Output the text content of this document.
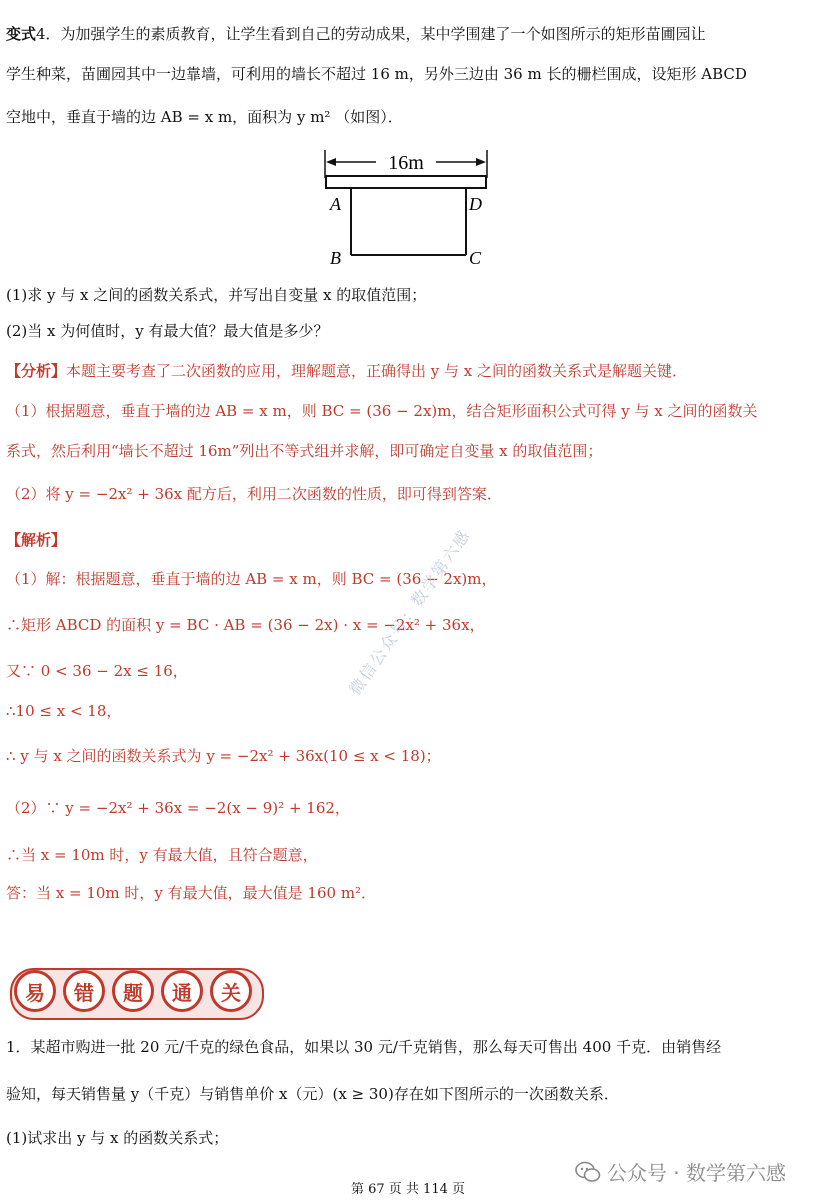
变式4．为加强学生的素质教育，让学生看到自己的劳动成果，某中学围建了一个如图所示的矩形苗圃园让
学生种菜，苗圃园其中一边靠墙，可利用的墙长不超过 16 m，另外三边由 36 m 长的栅栏围成，设矩形 ABCD
空地中，垂直于墙的边 AB = x m，面积为 y m² （如图）．
16m
A	D
B	C
(1)求 y 与 x 之间的函数关系式，并写出自变量 x 的取值范围；
(2)当 x 为何值时，y 有最大值？最大值是多少？
【分析】本题主要考查了二次函数的应用，理解题意，正确得出 y 与 x 之间的函数关系式是解题关键．
（1）根据题意，垂直于墙的边 AB = x m，则 BC = (36 − 2x)m，结合矩形面积公式可得 y 与 x 之间的函数关
系式，然后利用“墙长不超过 16m”列出不等式组并求解，即可确定自变量 x 的取值范围；
（2）将 y = −2x² + 36x 配方后，利用二次函数的性质，即可得到答案．
【解析】
（1）解：根据题意，垂直于墙的边 AB = x m，则 BC = (36 − 2x)m，
∴矩形 ABCD 的面积 y = BC · AB = (36 − 2x) · x = −2x² + 36x，
又∵ 0 < 36 − 2x ≤ 16，
∴10 ≤ x < 18，
∴ y 与 x 之间的函数关系式为 y = −2x² + 36x(10 ≤ x < 18)；
（2）∵ y = −2x² + 36x = −2(x − 9)² + 162，
∴当 x = 10m 时，y 有最大值，且符合题意，
答：当 x = 10m 时，y 有最大值，最大值是 160 m²．
微信公众号：数学第六感
易	错	题	通	关
1．某超市购进一批 20 元/千克的绿色食品，如果以 30 元/千克销售，那么每天可售出 400 千克．由销售经
验知，每天销售量 y（千克）与销售单价 x（元）(x ≥ 30)存在如下图所示的一次函数关系．
(1)试求出 y 与 x 的函数关系式；
公众号 · 数学第六感
第 67 页 共 114 页
